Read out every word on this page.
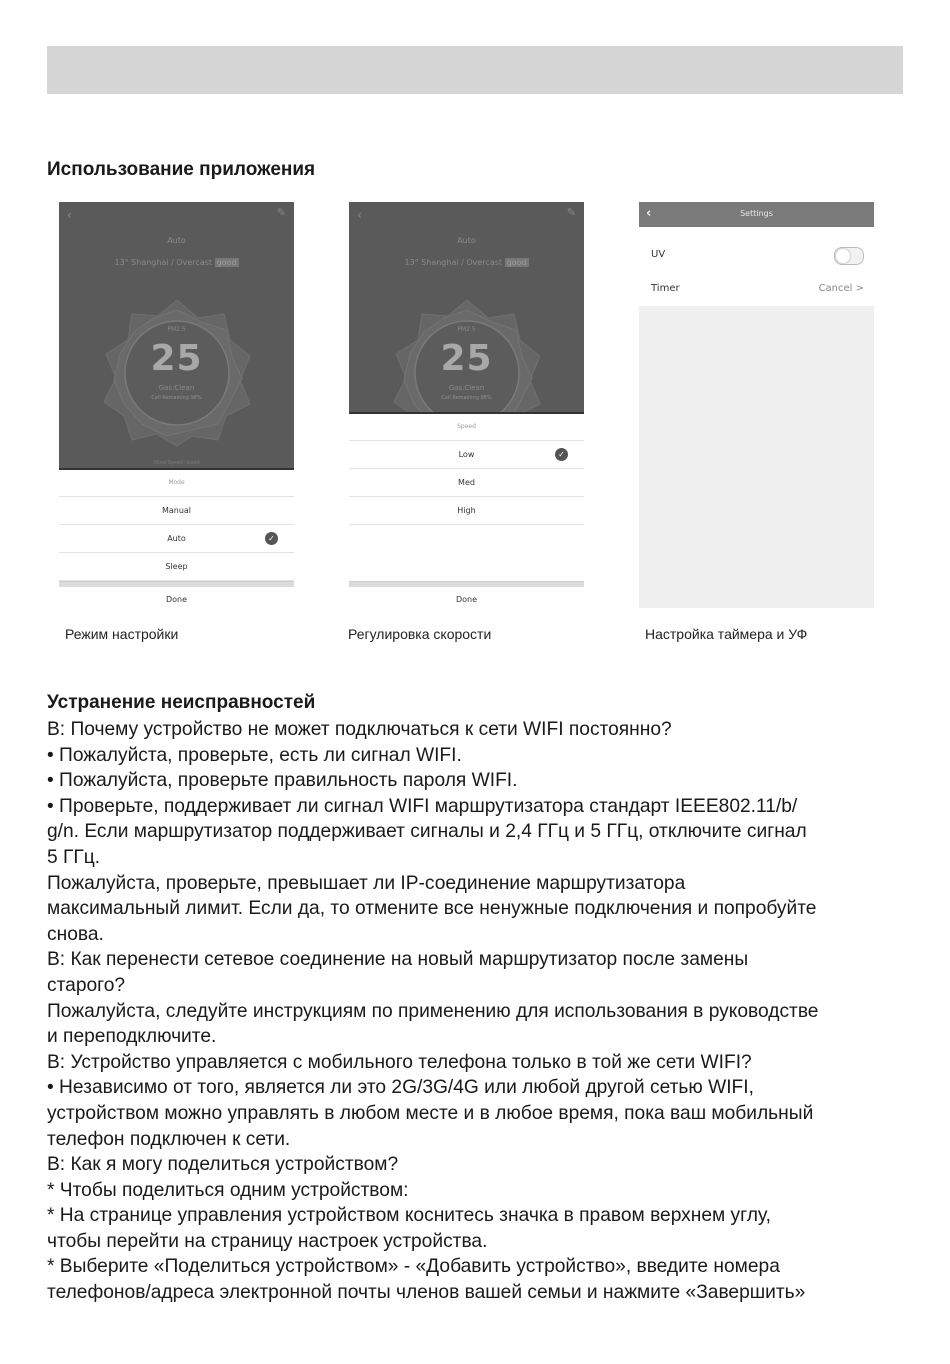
Использование приложения
‹	✎
Auto
13° Shanghai / Overcast good
PM2.5
25
Gas:Clean
Cell Remaining 98%
Wind Speed: Good
Mode
Manual
Auto	✓
Sleep
Done
‹	✎
Auto
13° Shanghai / Overcast good
PM2.5
25
Gas:Clean
Cell Remaining 98%
Speed
Low	✓
Med
High
Done
‹	Settings
UV
Timer	Cancel >
Режим настройки	Регулировка скорости	Настройка таймера и УФ
Устранение неисправностей
В: Почему устройство не может подключаться к сети WIFI постоянно?
• Пожалуйста, проверьте, есть ли сигнал WIFI.
• Пожалуйста, проверьте правильность пароля WIFI.
• Проверьте, поддерживает ли сигнал WIFI маршрутизатора стандарт IEEE802.11/b/
g/n. Если маршрутизатор поддерживает сигналы и 2,4 ГГц и 5 ГГц, отключите сигнал
5 ГГц.
Пожалуйста, проверьте, превышает ли IP-соединение маршрутизатора
максимальный лимит. Если да, то отмените все ненужные подключения и попробуйте
снова.
В: Как перенести сетевое соединение на новый маршрутизатор после замены
старого?
Пожалуйста, следуйте инструкциям по применению для использования в руководстве
и переподключите.
В: Устройство управляется с мобильного телефона только в той же сети WIFI?
• Независимо от того, является ли это 2G/3G/4G или любой другой сетью WIFI,
устройством можно управлять в любом месте и в любое время, пока ваш мобильный
телефон подключен к сети.
В: Как я могу поделиться устройством?
* Чтобы поделиться одним устройством:
* На странице управления устройством коснитесь значка в правом верхнем углу,
чтобы перейти на страницу настроек устройства.
* Выберите «Поделиться устройством» - «Добавить устройство», введите номера
телефонов/адреса электронной почты членов вашей семьи и нажмите «Завершить»
